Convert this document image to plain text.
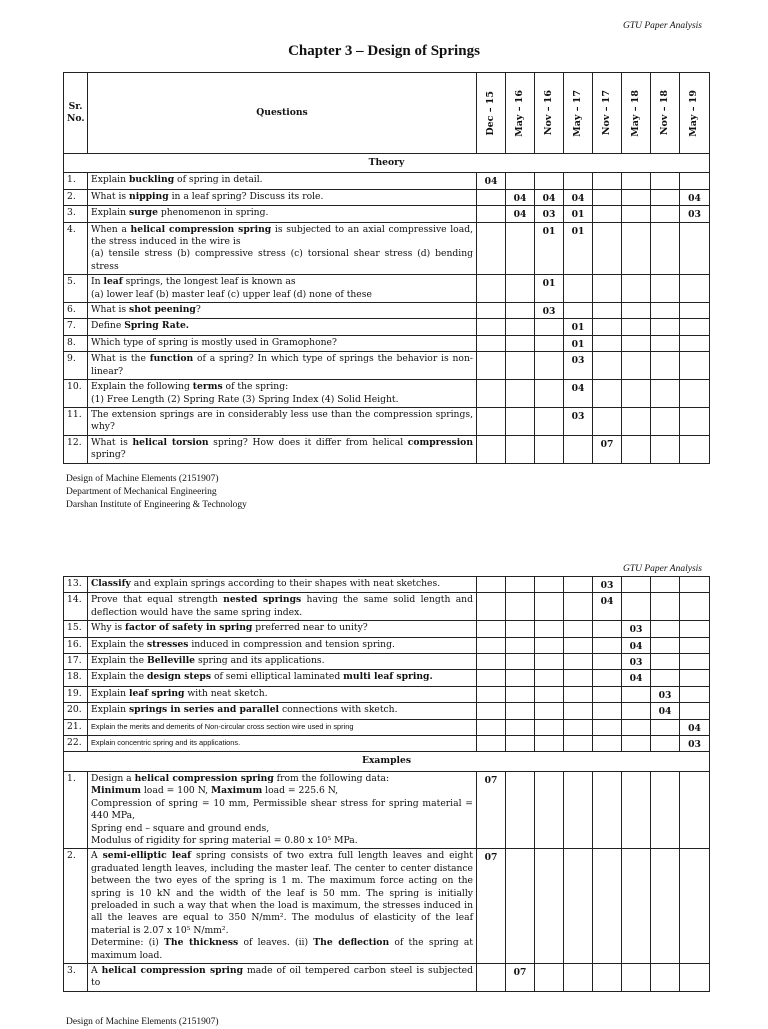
GTU Paper Analysis
Chapter 3 – Design of Springs
Sr. No.	Questions	Dec – 15	May – 16	Nov – 16	May – 17	Nov – 17	May – 18	Nov – 18	May – 19

Theory									
1.	Explain buckling of spring in detail.	04							
2.	What is nipping in a leaf spring? Discuss its role.		04	04	04				04
3.	Explain surge phenomenon in spring.		04	03	01				03
4.	When a helical compression spring is subjected to an axial compressive load, the stress induced in the wire is
(a) tensile stress (b) compressive stress (c) torsional shear stress (d) bending stress			01	01				
5.	In leaf springs, the longest leaf is known as
(a) lower leaf (b) master leaf (c) upper leaf (d) none of these			01					
6.	What is shot peening?			03					
7.	Define Spring Rate.				01				
8.	Which type of spring is mostly used in Gramophone?				01				
9.	What is the function of a spring? In which type of springs the behavior is non-linear?				03				
10.	Explain the following terms of the spring:
(1) Free Length (2) Spring Rate (3) Spring Index (4) Solid Height.				04				
11.	The extension springs are in considerably less use than the compression springs, why?				03				
12.	What is helical torsion spring? How does it differ from helical compression spring?					07			
Design of Machine Elements (2151907)
Department of Mechanical Engineering
Darshan Institute of Engineering & Technology
GTU Paper Analysis
13.	Classify and explain springs according to their shapes with neat sketches.					03			
14.	Prove that equal strength nested springs having the same solid length and deflection would have the same spring index.					04			
15.	Why is factor of safety in spring preferred near to unity?						03		
16.	Explain the stresses induced in compression and tension spring.						04		
17.	Explain the Belleville spring and its applications.						03		
18.	Explain the design steps of semi elliptical laminated multi leaf spring.						04		
19.	Explain leaf spring with neat sketch.							03	
20.	Explain springs in series and parallel connections with sketch.							04	
21.	Explain the merits and demerits of Non-circular cross section wire used in spring								04
22.	Explain concentric spring and its applications.								03
Examples									
1.	Design a helical compression spring from the following data:
Minimum load = 100 N, Maximum load = 225.6 N,
Compression of spring = 10 mm, Permissible shear stress for spring material = 440 MPa,
Spring end – square and ground ends,
Modulus of rigidity for spring material = 0.80 x 10⁵ MPa.	07							
2.	A semi-elliptic leaf spring consists of two extra full length leaves and eight graduated length leaves, including the master leaf. The center to center distance between the two eyes of the spring is 1 m. The maximum force acting on the spring is 10 kN and the width of the leaf is 50 mm. The spring is initially preloaded in such a way that when the load is maximum, the stresses induced in all the leaves are equal to 350 N/mm². The modulus of elasticity of the leaf material is 2.07 x 10⁵ N/mm².
Determine: (i) The thickness of leaves. (ii) The deflection of the spring at maximum load.	07							
3.	A helical compression spring made of oil tempered carbon steel is subjected to		07						
Design of Machine Elements (2151907)
